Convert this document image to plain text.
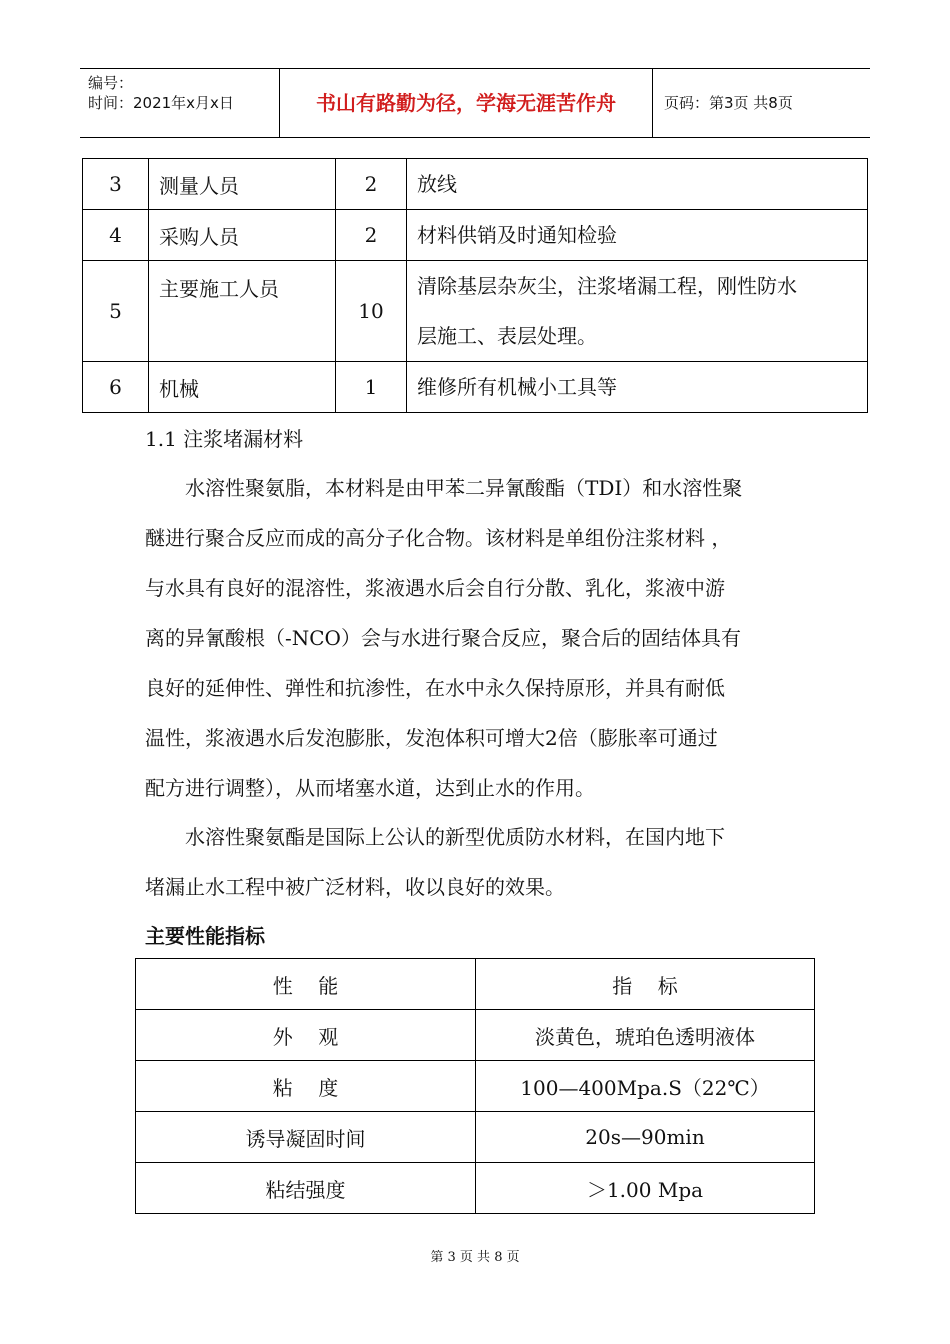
编号：
时间：2021年x月x日	书山有路勤为径，学海无涯苦作舟	页码：第3页 共8页
3	测量人员	2	放线

4	采购人员	2	材料供销及时通知检验

5	主要施工人员	10	清除基层杂灰尘，注浆堵漏工程，刚性防水
层施工、表层处理。

6	机械	1	维修所有机械小工具等
1.1 注浆堵漏材料
水溶性聚氨脂，本材料是由甲苯二异氰酸酯（TDI）和水溶性聚
醚进行聚合反应而成的高分子化合物。该材料是单组份注浆材料 ，
与水具有良好的混溶性，浆液遇水后会自行分散、乳化，浆液中游
离的异氰酸根（-NCO）会与水进行聚合反应，聚合后的固结体具有
良好的延伸性、弹性和抗渗性，在水中永久保持原形，并具有耐低
温性，浆液遇水后发泡膨胀，发泡体积可增大2倍（膨胀率可通过
配方进行调整），从而堵塞水道，达到止水的作用。
水溶性聚氨酯是国际上公认的新型优质防水材料，在国内地下
堵漏止水工程中被广泛材料，收以良好的效果。
主要性能指标
性    能	指    标
外    观	淡黄色，琥珀色透明液体
粘    度	100—400Mpa.S（22℃）
诱导凝固时间	20s—90min
粘结强度	＞1.00 Mpa
第 3 页 共 8 页
